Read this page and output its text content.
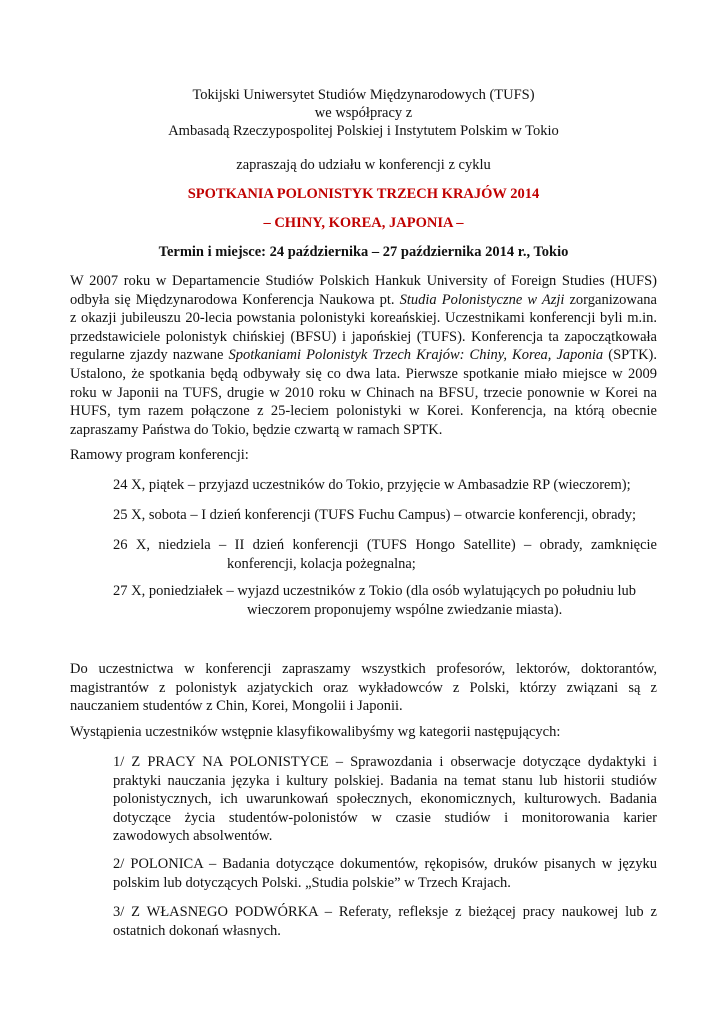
Tokijski Uniwersytet Studiów Międzynarodowych (TUFS)
we współpracy z
Ambasadą Rzeczypospolitej Polskiej i Instytutem Polskim w Tokio
zapraszają do udziału w konferencji z cyklu
SPOTKANIA POLONISTYK TRZECH KRAJÓW 2014
– CHINY, KOREA, JAPONIA –
Termin i miejsce: 24 października – 27 października 2014 r., Tokio
W 2007 roku w Departamencie Studiów Polskich Hankuk University of Foreign Studies (HUFS)
odbyła się Międzynarodowa Konferencja Naukowa pt. Studia Polonistyczne w Azji zorganizowana
z okazji jubileuszu 20-lecia powstania polonistyki koreańskiej. Uczestnikami konferencji byli m.in.
przedstawiciele polonistyk chińskiej (BFSU) i japońskiej (TUFS). Konferencja ta zapoczątkowała
regularne zjazdy nazwane Spotkaniami Polonistyk Trzech Krajów: Chiny, Korea, Japonia (SPTK).
Ustalono, że spotkania będą odbywały się co dwa lata. Pierwsze spotkanie miało miejsce w 2009
roku w Japonii na TUFS, drugie w 2010 roku w Chinach na BFSU, trzecie ponownie w Korei na
HUFS, tym razem połączone z 25-leciem polonistyki w Korei. Konferencja, na którą obecnie
zapraszamy Państwa do Tokio, będzie czwartą w ramach SPTK.
Ramowy program konferencji:
24 X, piątek – przyjazd uczestników do Tokio, przyjęcie w Ambasadzie RP (wieczorem);
25 X, sobota – I dzień konferencji (TUFS Fuchu Campus) – otwarcie konferencji, obrady;
26 X, niedziela – II dzień konferencji (TUFS Hongo Satellite) – obrady, zamknięcie
konferencji, kolacja pożegnalna;
27 X, poniedziałek – wyjazd uczestników z Tokio (dla osób wylatujących po południu lub
wieczorem proponujemy wspólne zwiedzanie miasta).
Do uczestnictwa w konferencji zapraszamy wszystkich profesorów, lektorów, doktorantów,
magistrantów z polonistyk azjatyckich oraz wykładowców z Polski, którzy związani są z
nauczaniem studentów z Chin, Korei, Mongolii i Japonii.
Wystąpienia uczestników wstępnie klasyfikowalibyśmy wg kategorii następujących:
1/ Z PRACY NA POLONISTYCE – Sprawozdania i obserwacje dotyczące dydaktyki i
praktyki nauczania języka i kultury polskiej. Badania na temat stanu lub historii studiów
polonistycznych, ich uwarunkowań społecznych, ekonomicznych, kulturowych. Badania
dotyczące życia studentów-polonistów w czasie studiów i monitorowania karier
zawodowych absolwentów.
2/ POLONICA – Badania dotyczące dokumentów, rękopisów, druków pisanych w języku
polskim lub dotyczących Polski. „Studia polskie” w Trzech Krajach.
3/ Z WŁASNEGO PODWÓRKA – Referaty, refleksje z bieżącej pracy naukowej lub z
ostatnich dokonań własnych.
